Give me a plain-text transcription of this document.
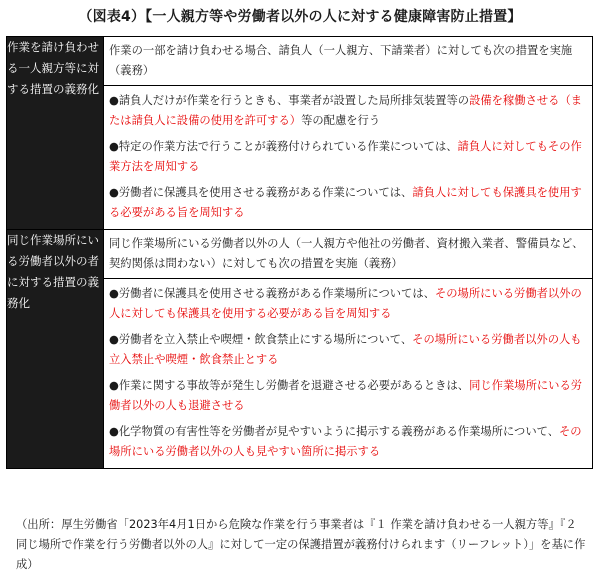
（図表4）【一人親方等や労働者以外の人に対する健康障害防止措置】
作業を請け負わせる一人親方等に対する措置の義務化	作業の一部を請け負わせる場合、請負人（一人親方、下請業者）に対しても次の措置を実施（義務）
●請負人だけが作業を行うときも、事業者が設置した局所排気装置等の設備を稼働させる（または請負人に設備の使用を許可する）等の配慮を行う
●特定の作業方法で行うことが義務付けられている作業については、請負人に対してもその作業方法を周知する
●労働者に保護具を使用させる義務がある作業については、請負人に対しても保護具を使用する必要がある旨を周知する

同じ作業場所にいる労働者以外の者に対する措置の義務化	同じ作業場所にいる労働者以外の人（一人親方や他社の労働者、資材搬入業者、警備員など、契約関係は問わない）に対しても次の措置を実施（義務）
●労働者に保護具を使用させる義務がある作業場所については、その場所にいる労働者以外の人に対しても保護具を使用する必要がある旨を周知する
●労働者を立入禁止や喫煙・飲食禁止にする場所について、その場所にいる労働者以外の人も立入禁止や喫煙・飲食禁止とする
●作業に関する事故等が発生し労働者を退避させる必要があるときは、同じ作業場所にいる労働者以外の人も退避させる
●化学物質の有害性等を労働者が見やすいように掲示する義務がある作業場所について、その場所にいる労働者以外の人も見やすい箇所に掲示する
（出所：厚生労働省「2023年4月1日から危険な作業を行う事業者は『１ 作業を請け負わせる一人親方等』『２ 同じ場所で作業を行う労働者以外の人』に対して一定の保護措置が義務付けられます（リーフレット）」を基に作成）
